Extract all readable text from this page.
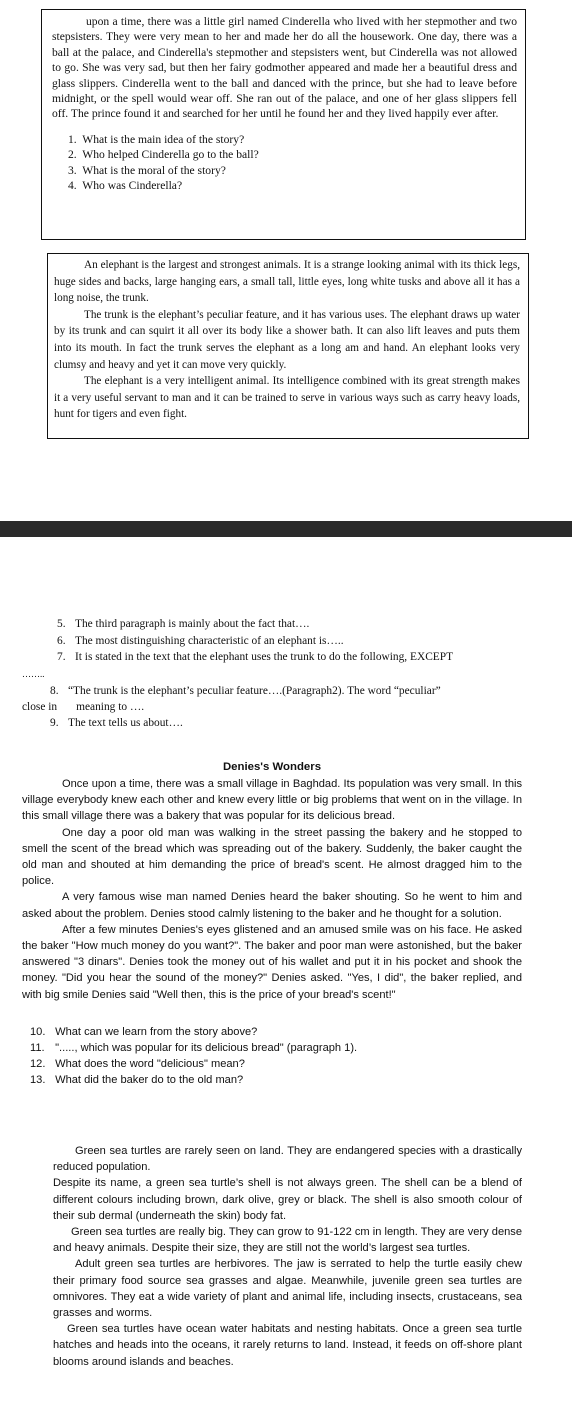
upon a time, there was a little girl named Cinderella who lived with her stepmother and two stepsisters. They were very mean to her and made her do all the housework. One day, there was a ball at the palace, and Cinderella's stepmother and stepsisters went, but Cinderella was not allowed to go. She was very sad, but then her fairy godmother appeared and made her a beautiful dress and glass slippers. Cinderella went to the ball and danced with the prince, but she had to leave before midnight, or the spell would wear off. She ran out of the palace, and one of her glass slippers fell off. The prince found it and searched for her until he found her and they lived happily ever after.

1. What is the main idea of the story?
2. Who helped Cinderella go to the ball?
3. What is the moral of the story?
4. Who was Cinderella?

An elephant is the largest and strongest animals. It is a strange looking animal with its thick legs, huge sides and backs, large hanging ears, a small tall, little eyes, long white tusks and above all it has a long noise, the trunk.

The trunk is the elephant’s peculiar feature, and it has various uses. The elephant draws up water by its trunk and can squirt it all over its body like a shower bath. It can also lift leaves and puts them into its mouth. In fact the trunk serves the elephant as a long am and hand. An elephant looks very clumsy and heavy and yet it can move very quickly.

The elephant is a very intelligent animal. Its intelligence combined with its great strength makes it a very useful servant to man and it can be trained to serve in various ways such as carry heavy loads, hunt for tigers and even fight.

5. The third paragraph is mainly about the fact that….
6. The most distinguishing characteristic of an elephant is…..
7. It is stated in the text that the elephant uses the trunk to do the following, EXCEPT
……..
8. “The trunk is the elephant’s peculiar feature….(Paragraph2). The word “peculiar”
close in meaning to ….
9. The text tells us about….
Denies's Wonders

Once upon a time, there was a small village in Baghdad. Its population was very small. In this village everybody knew each other and knew every little or big problems that went on in the village. In this small village there was a bakery that was popular for its delicious bread.

One day a poor old man was walking in the street passing the bakery and he stopped to smell the scent of the bread which was spreading out of the bakery. Suddenly, the baker caught the old man and shouted at him demanding the price of bread's scent. He almost dragged him to the police.

A very famous wise man named Denies heard the baker shouting. So he went to him and asked about the problem. Denies stood calmly listening to the baker and he thought for a solution.

After a few minutes Denies's eyes glistened and an amused smile was on his face. He asked the baker "How much money do you want?". The baker and poor man were astonished, but the baker answered "3 dinars". Denies took the money out of his wallet and put it in his pocket and shook the money. "Did you hear the sound of the money?" Denies asked. "Yes, I did", the baker replied, and with big smile Denies said "Well then, this is the price of your bread's scent!"

10. What can we learn from the story above?
11. "....., which was popular for its delicious bread" (paragraph 1).
12. What does the word "delicious" mean?
13. What did the baker do to the old man?

Green sea turtles are rarely seen on land. They are endangered species with a drastically reduced population.

Despite its name, a green sea turtle’s shell is not always green. The shell can be a blend of different colours including brown, dark olive, grey or black. The shell is also smooth colour of their sub dermal (underneath the skin) body fat.

Green sea turtles are really big. They can grow to 91-122 cm in length. They are very dense and heavy animals. Despite their size, they are still not the world’s largest sea turtles.

Adult green sea turtles are herbivores. The jaw is serrated to help the turtle easily chew their primary food source sea grasses and algae. Meanwhile, juvenile green sea turtles are omnivores. They eat a wide variety of plant and animal life, including insects, crustaceans, sea grasses and worms.

Green sea turtles have ocean water habitats and nesting habitats. Once a green sea turtle hatches and heads into the oceans, it rarely returns to land. Instead, it feeds on off-shore plant blooms around islands and beaches.
